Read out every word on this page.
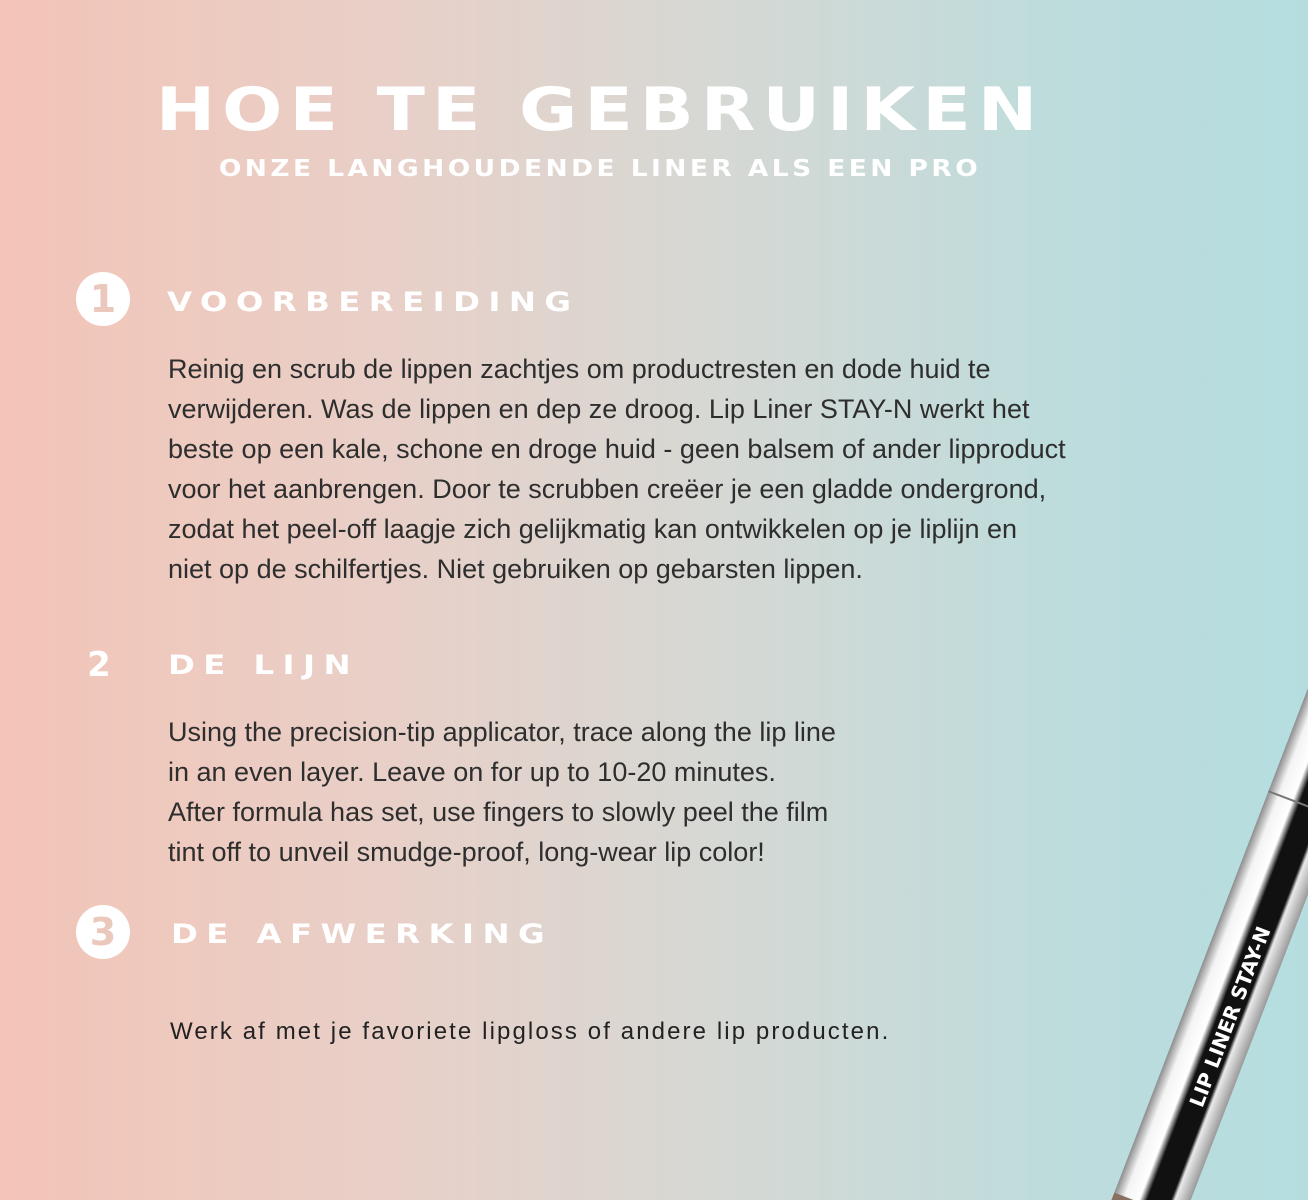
HOE TE GEBRUIKEN
ONZE LANGHOUDENDE LINER ALS EEN PRO
1	VOORBEREIDING
Reinig en scrub de lippen zachtjes om productresten en dode huid te
verwijderen. Was de lippen en dep ze droog. Lip Liner STAY-N werkt het
beste op een kale, schone en droge huid - geen balsem of ander lipproduct
voor het aanbrengen. Door te scrubben creëer je een gladde ondergrond,
zodat het peel-off laagje zich gelijkmatig kan ontwikkelen op je liplijn en
niet op de schilfertjes. Niet gebruiken op gebarsten lippen.
2	DE LIJN
Using the precision-tip applicator, trace along the lip line
in an even layer. Leave on for up to 10-20 minutes.
After formula has set, use fingers to slowly peel the film
tint off to unveil smudge-proof, long-wear lip color!
3	DE AFWERKING
Werk af met je favoriete lipgloss of andere lip producten.	LIP LINER STAY-N
